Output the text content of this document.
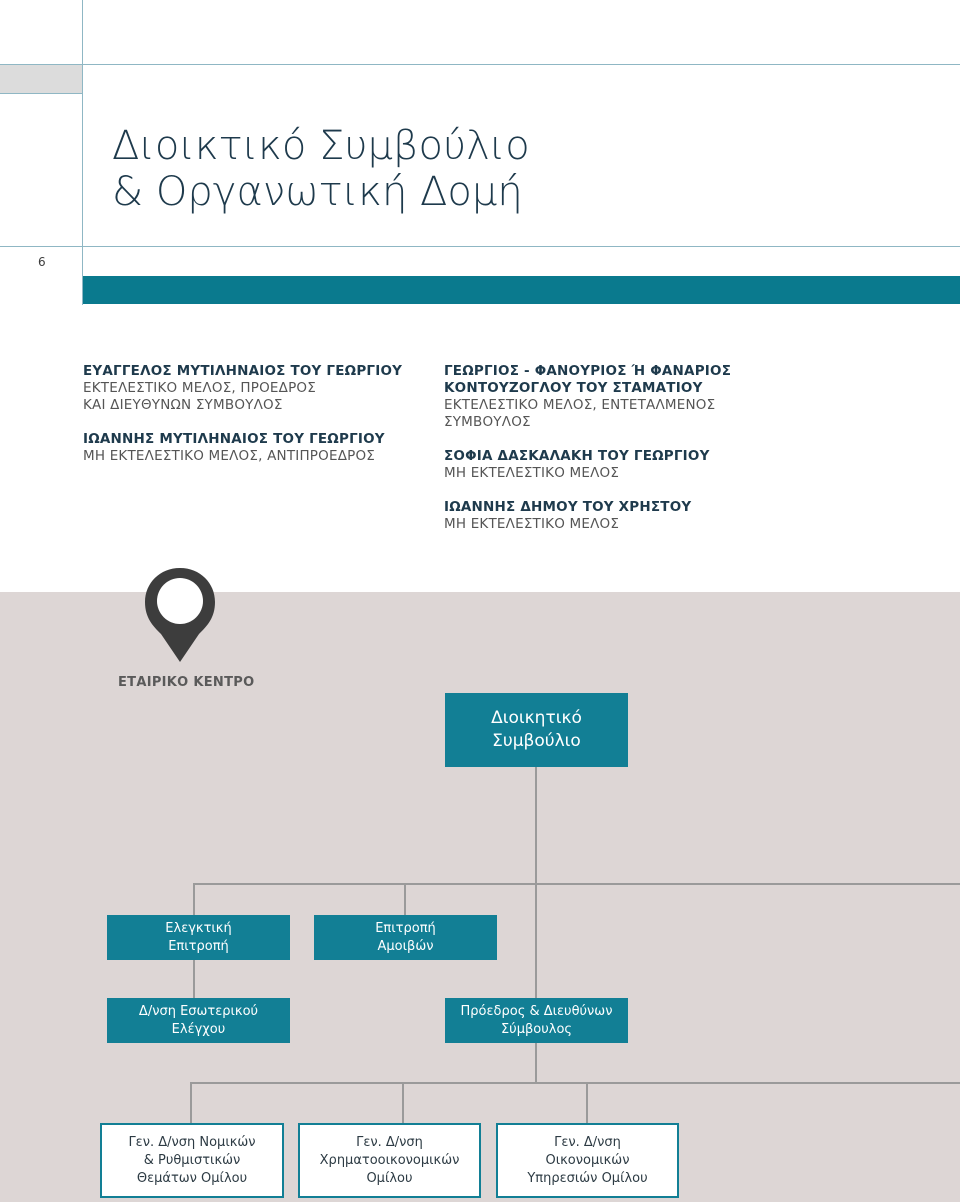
6
Διοικτικό Συμβούλιο
& Οργανωτική Δομή
ΕΥΑΓΓΕΛΟΣ ΜΥΤΙΛΗΝΑΙΟΣ ΤΟΥ ΓΕΩΡΓΙΟΥ
ΕΚΤΕΛΕΣΤΙΚΟ ΜΕΛΟΣ, ΠΡΟΕΔΡΟΣ
ΚΑΙ ΔΙΕΥΘΥΝΩΝ ΣΥΜΒΟΥΛΟΣ
ΙΩΑΝΝΗΣ ΜΥΤΙΛΗΝΑΙΟΣ ΤΟΥ ΓΕΩΡΓΙΟΥ
ΜΗ ΕΚΤΕΛΕΣΤΙΚΟ ΜΕΛΟΣ, ΑΝΤΙΠΡΟΕΔΡΟΣ
ΓΕΩΡΓΙΟΣ - ΦΑΝΟΥΡΙΟΣ Ή ΦΑΝΑΡΙΟΣ
ΚΟΝΤΟΥΖΟΓΛΟΥ ΤΟΥ ΣΤΑΜΑΤΙΟΥ
ΕΚΤΕΛΕΣΤΙΚΟ ΜΕΛΟΣ, ΕΝΤΕΤΑΛΜΕΝΟΣ
ΣΥΜΒΟΥΛΟΣ
ΣΟΦΙΑ ΔΑΣΚΑΛΑΚΗ ΤΟΥ ΓΕΩΡΓΙΟΥ
ΜΗ ΕΚΤΕΛΕΣΤΙΚΟ ΜΕΛΟΣ
ΙΩΑΝΝΗΣ ΔΗΜΟΥ ΤΟΥ ΧΡΗΣΤΟΥ
ΜΗ ΕΚΤΕΛΕΣΤΙΚΟ ΜΕΛΟΣ
ΕΤΑΙΡΙΚΟ ΚΕΝΤΡΟ
Διοικητικό
Συμβούλιο
Ελεγκτική
Επιτροπή
Επιτροπή
Αμοιβών
Δ/νση Εσωτερικού
Ελέγχου
Πρόεδρος & Διευθύνων
Σύμβουλος
Γεν. Δ/νση Νομικών
& Ρυθμιστικών
Θεμάτων Ομίλου
Γεν. Δ/νση
Χρηματοοικονομικών
Ομίλου
Γεν. Δ/νση
Οικονομικών
Υπηρεσιών Ομίλου
